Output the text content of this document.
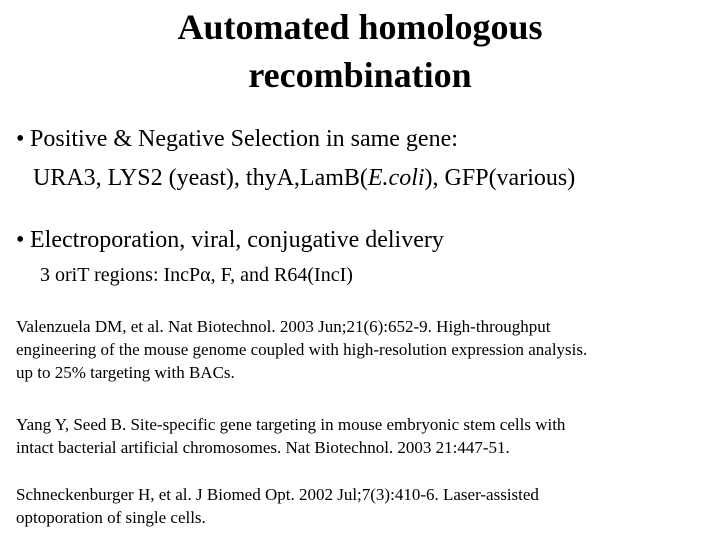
Automated homologous
recombination
• Positive & Negative Selection in same gene:
URA3, LYS2 (yeast), thyA,LamB(E.coli), GFP(various)
• Electroporation, viral, conjugative delivery
3 oriT regions: IncPα, F, and R64(IncI)
Valenzuela DM, et al. Nat Biotechnol. 2003 Jun;21(6):652-9. High-throughput
engineering of the mouse genome coupled with high-resolution expression analysis.
up to 25% targeting with BACs.
Yang Y, Seed B. Site-specific gene targeting in mouse embryonic stem cells with
intact bacterial artificial chromosomes. Nat Biotechnol. 2003 21:447-51.
Schneckenburger H, et al. J Biomed Opt. 2002 Jul;7(3):410-6. Laser-assisted
optoporation of single cells.
